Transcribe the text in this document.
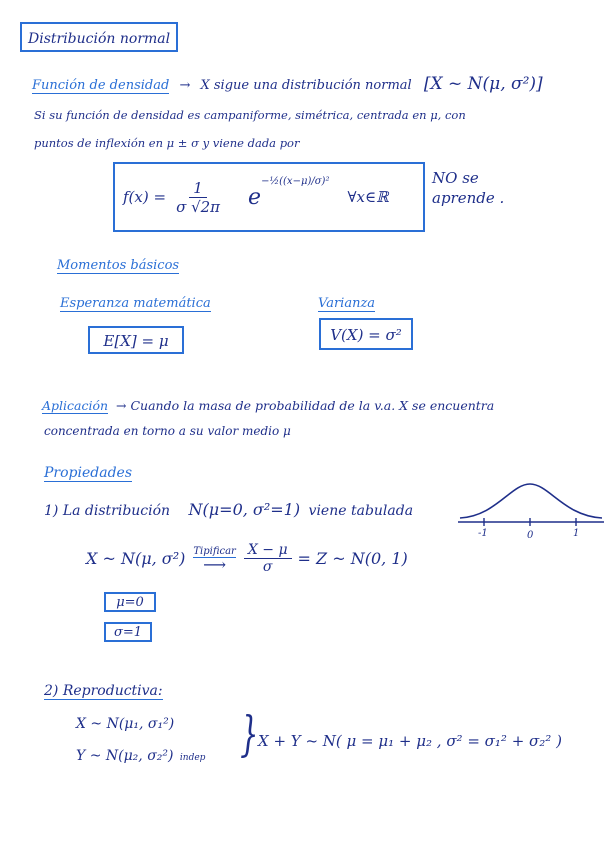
Distribución normal
Función de densidad → X sigue una distribución normal [X ~ N(μ, σ²)]
Si su función de densidad es campaniforme, simétrica, centrada en μ, con
puntos de inflexión en μ ± σ y viene dada por
$f(x) = \frac{1}{\sigma √2\pi}$ e
−½((x−μ)/σ)²
∀x∈ℝ
NO se
aprende .
Momentos básicos
Esperanza matemática
E[X] = μ
Varianza
V(X) = σ²
Aplicación → Cuando la masa de probabilidad de la v.a. X se encuentra
concentrada en torno a su valor medio μ
Propiedades
1) La distribución N(μ=0, σ²=1) viene tabulada
-1	0	1
X ~ N(μ, σ²) Tipificar
⟶ $\frac{X - \mu}{\sigma} = Z$ ~ N(0, 1)
μ=0
σ=1
2) Reproductiva:
X ~ N(μ₁, σ₁²)
Y ~ N(μ₂, σ₂²) indep } X + Y ~ N( μ = μ₁ + μ₂ , σ² = σ₁² + σ₂² )
